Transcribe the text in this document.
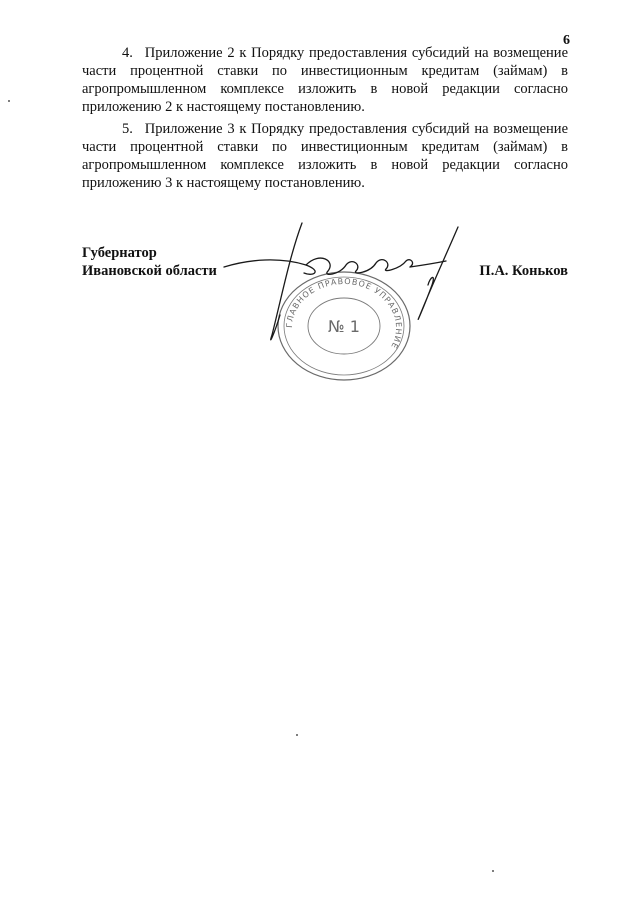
6

4. Приложение 2 к Порядку предоставления субсидий на возмещение части процентной ставки по инвестиционным кредитам (займам) в агропромышленном комплексе изложить в новой редакции согласно приложению 2 к настоящему постановлению.

5. Приложение 3 к Порядку предоставления субсидий на возмещение части процентной ставки по инвестиционным кредитам (займам) в агропромышленном комплексе изложить в новой редакции согласно приложению 3 к настоящему постановлению.

Губернатор
Ивановской области
ГЛАВНОЕ ПРАВОВОЕ УПРАВЛЕНИЕ
№ 1
П.А. Коньков
